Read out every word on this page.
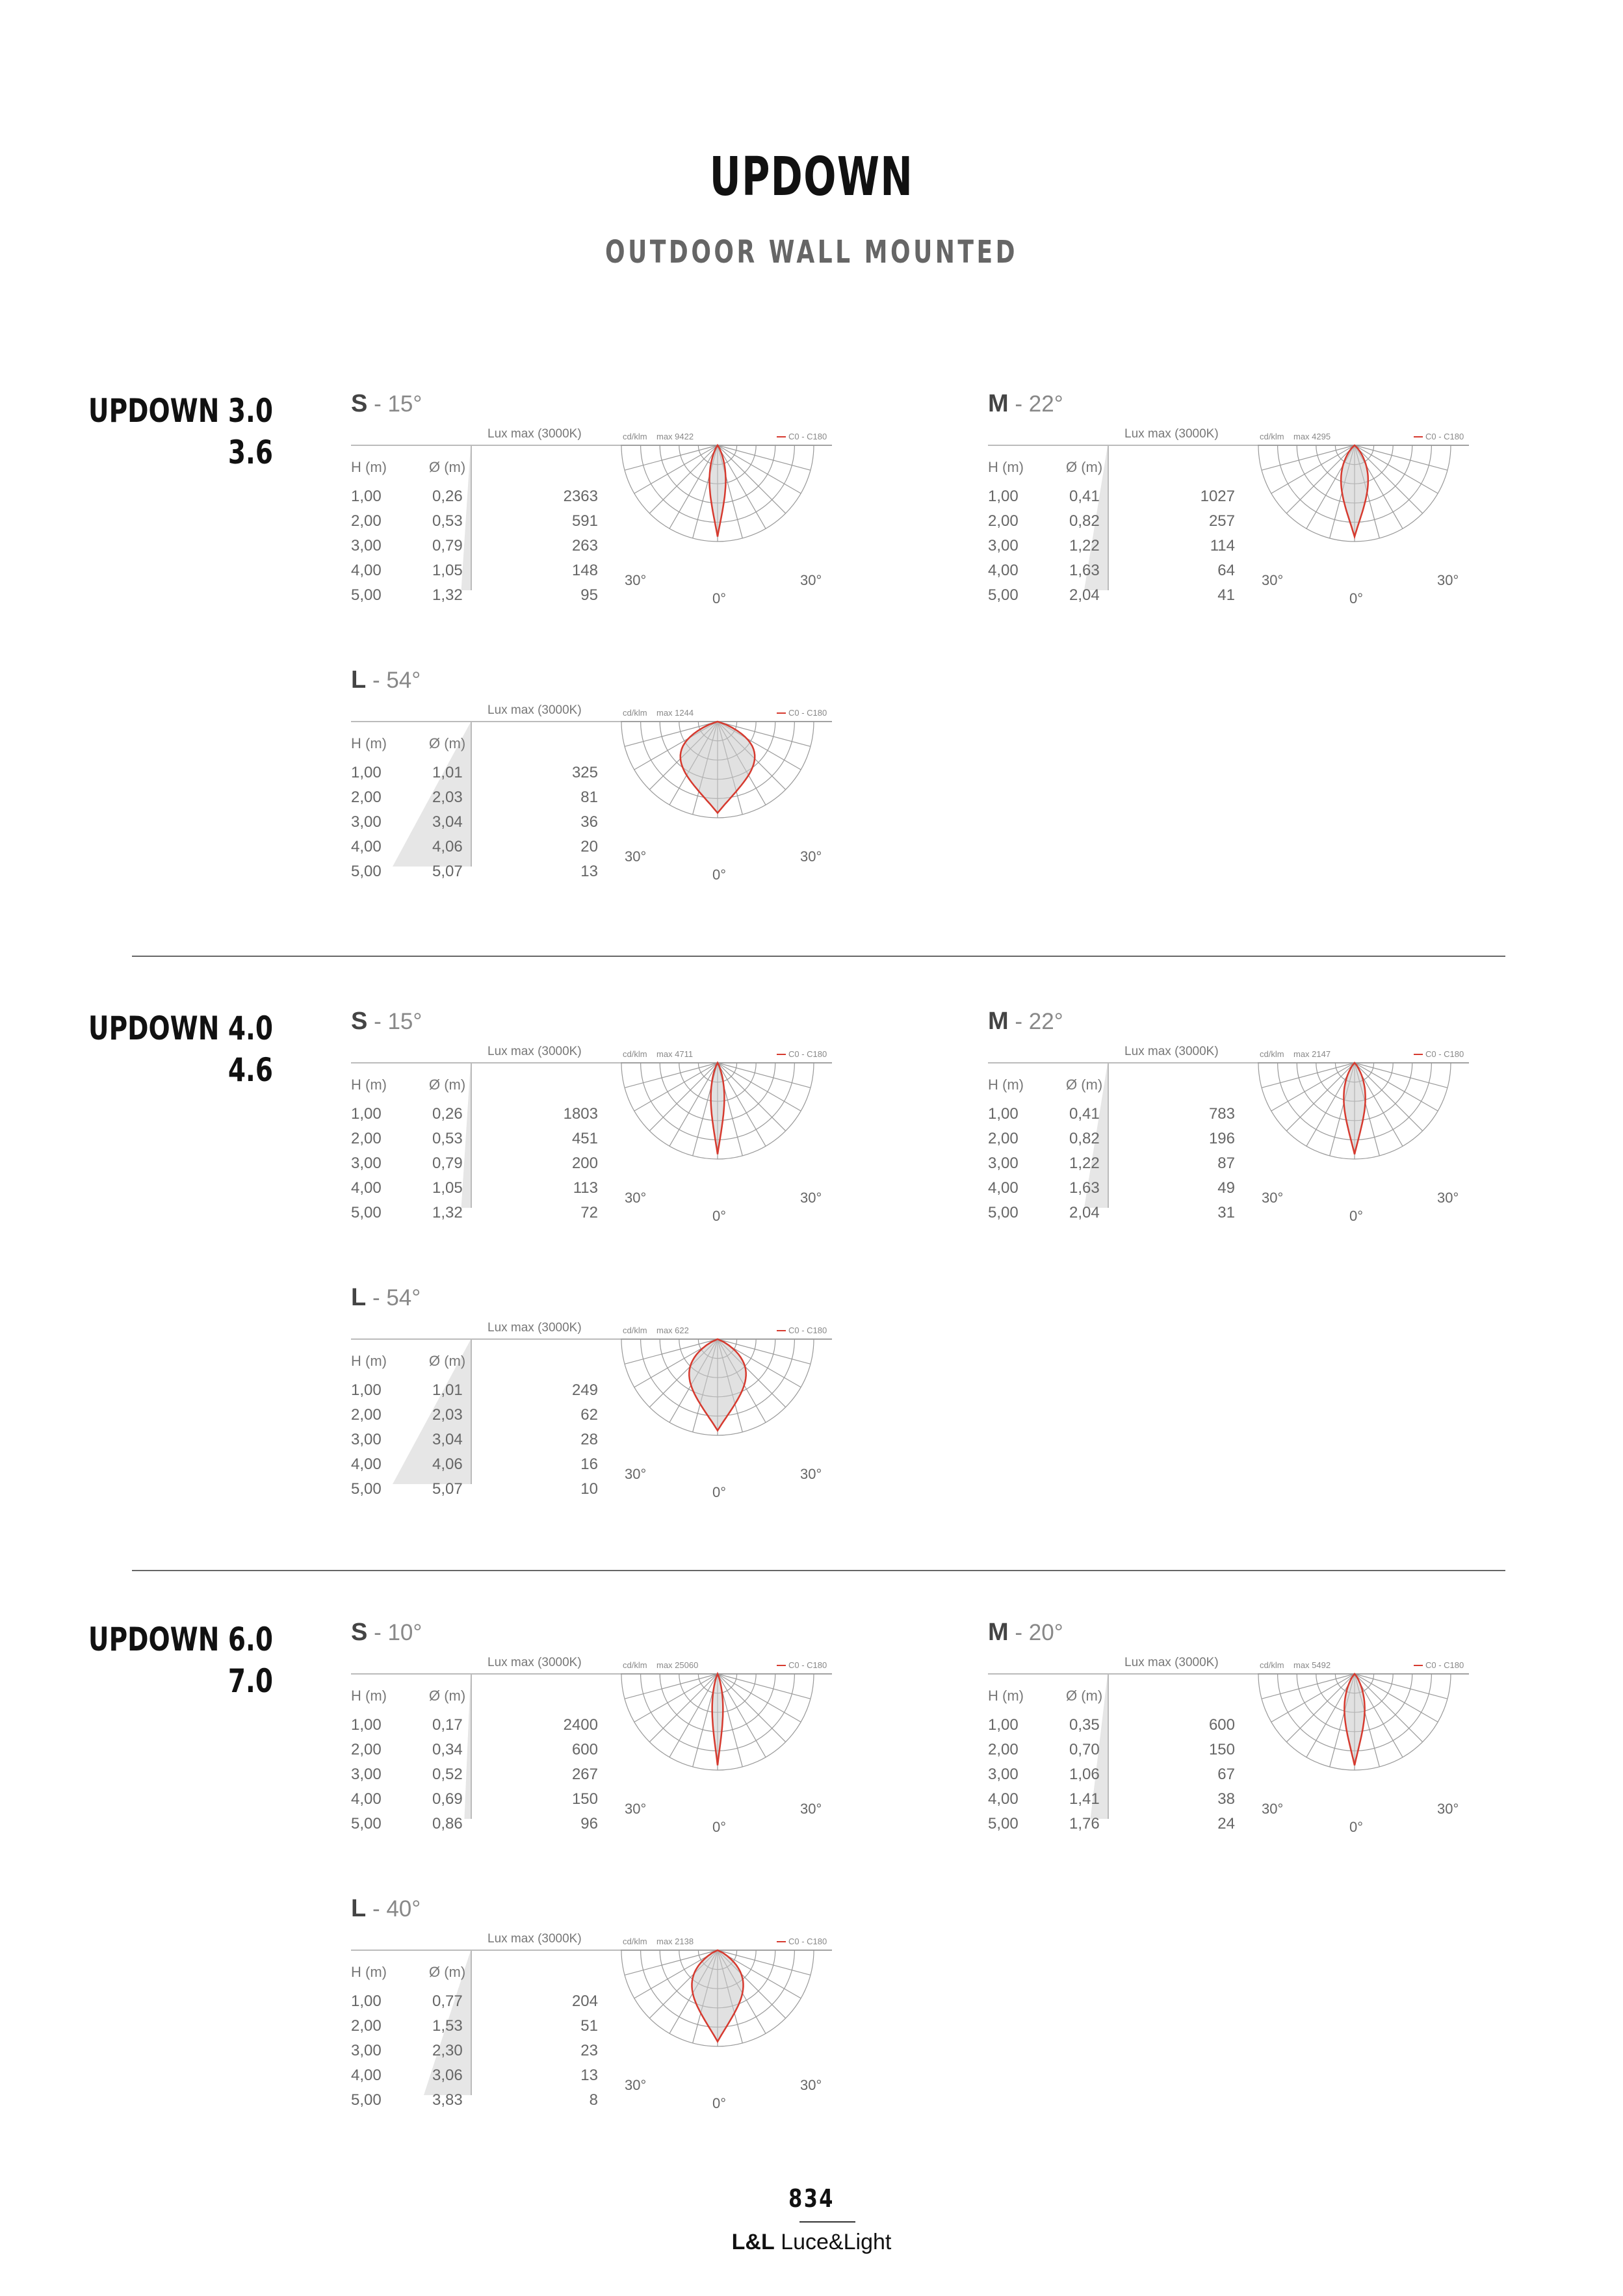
UPDOWN
OUTDOOR WALL MOUNTED
UPDOWN 3.0
3.6
S - 15°
Lux max (3000K)
H (m)	Ø (m)
1,00	0,26	2363
2,00	0,53	591
3,00	0,79	263
4,00	1,05	148
5,00	1,32	95
cd/klm max 9422	C0 - C180
30°	30°
0°
M - 22°
Lux max (3000K)
H (m)	Ø (m)
1,00	0,41	1027
2,00	0,82	257
3,00	1,22	114
4,00	1,63	64
5,00	2,04	41
cd/klm max 4295	C0 - C180
30°	30°
0°
L - 54°
Lux max (3000K)
H (m)	Ø (m)
1,00	1,01	325
2,00	2,03	81
3,00	3,04	36
4,00	4,06	20
5,00	5,07	13
cd/klm max 1244	C0 - C180
30°	30°
0°
UPDOWN 4.0
4.6
S - 15°
Lux max (3000K)
H (m)	Ø (m)
1,00	0,26	1803
2,00	0,53	451
3,00	0,79	200
4,00	1,05	113
5,00	1,32	72
cd/klm max 4711	C0 - C180
30°	30°
0°
M - 22°
Lux max (3000K)
H (m)	Ø (m)
1,00	0,41	783
2,00	0,82	196
3,00	1,22	87
4,00	1,63	49
5,00	2,04	31
cd/klm max 2147	C0 - C180
30°	30°
0°
L - 54°
Lux max (3000K)
H (m)	Ø (m)
1,00	1,01	249
2,00	2,03	62
3,00	3,04	28
4,00	4,06	16
5,00	5,07	10
cd/klm max 622	C0 - C180
30°	30°
0°
UPDOWN 6.0
7.0
S - 10°
Lux max (3000K)
H (m)	Ø (m)
1,00	0,17	2400
2,00	0,34	600
3,00	0,52	267
4,00	0,69	150
5,00	0,86	96
cd/klm max 25060	C0 - C180
30°	30°
0°
M - 20°
Lux max (3000K)
H (m)	Ø (m)
1,00	0,35	600
2,00	0,70	150
3,00	1,06	67
4,00	1,41	38
5,00	1,76	24
cd/klm max 5492	C0 - C180
30°	30°
0°
L - 40°
Lux max (3000K)
H (m)	Ø (m)
1,00	0,77	204
2,00	1,53	51
3,00	2,30	23
4,00	3,06	13
5,00	3,83	8
cd/klm max 2138	C0 - C180
30°	30°
0°
834
L&L Luce&Light
